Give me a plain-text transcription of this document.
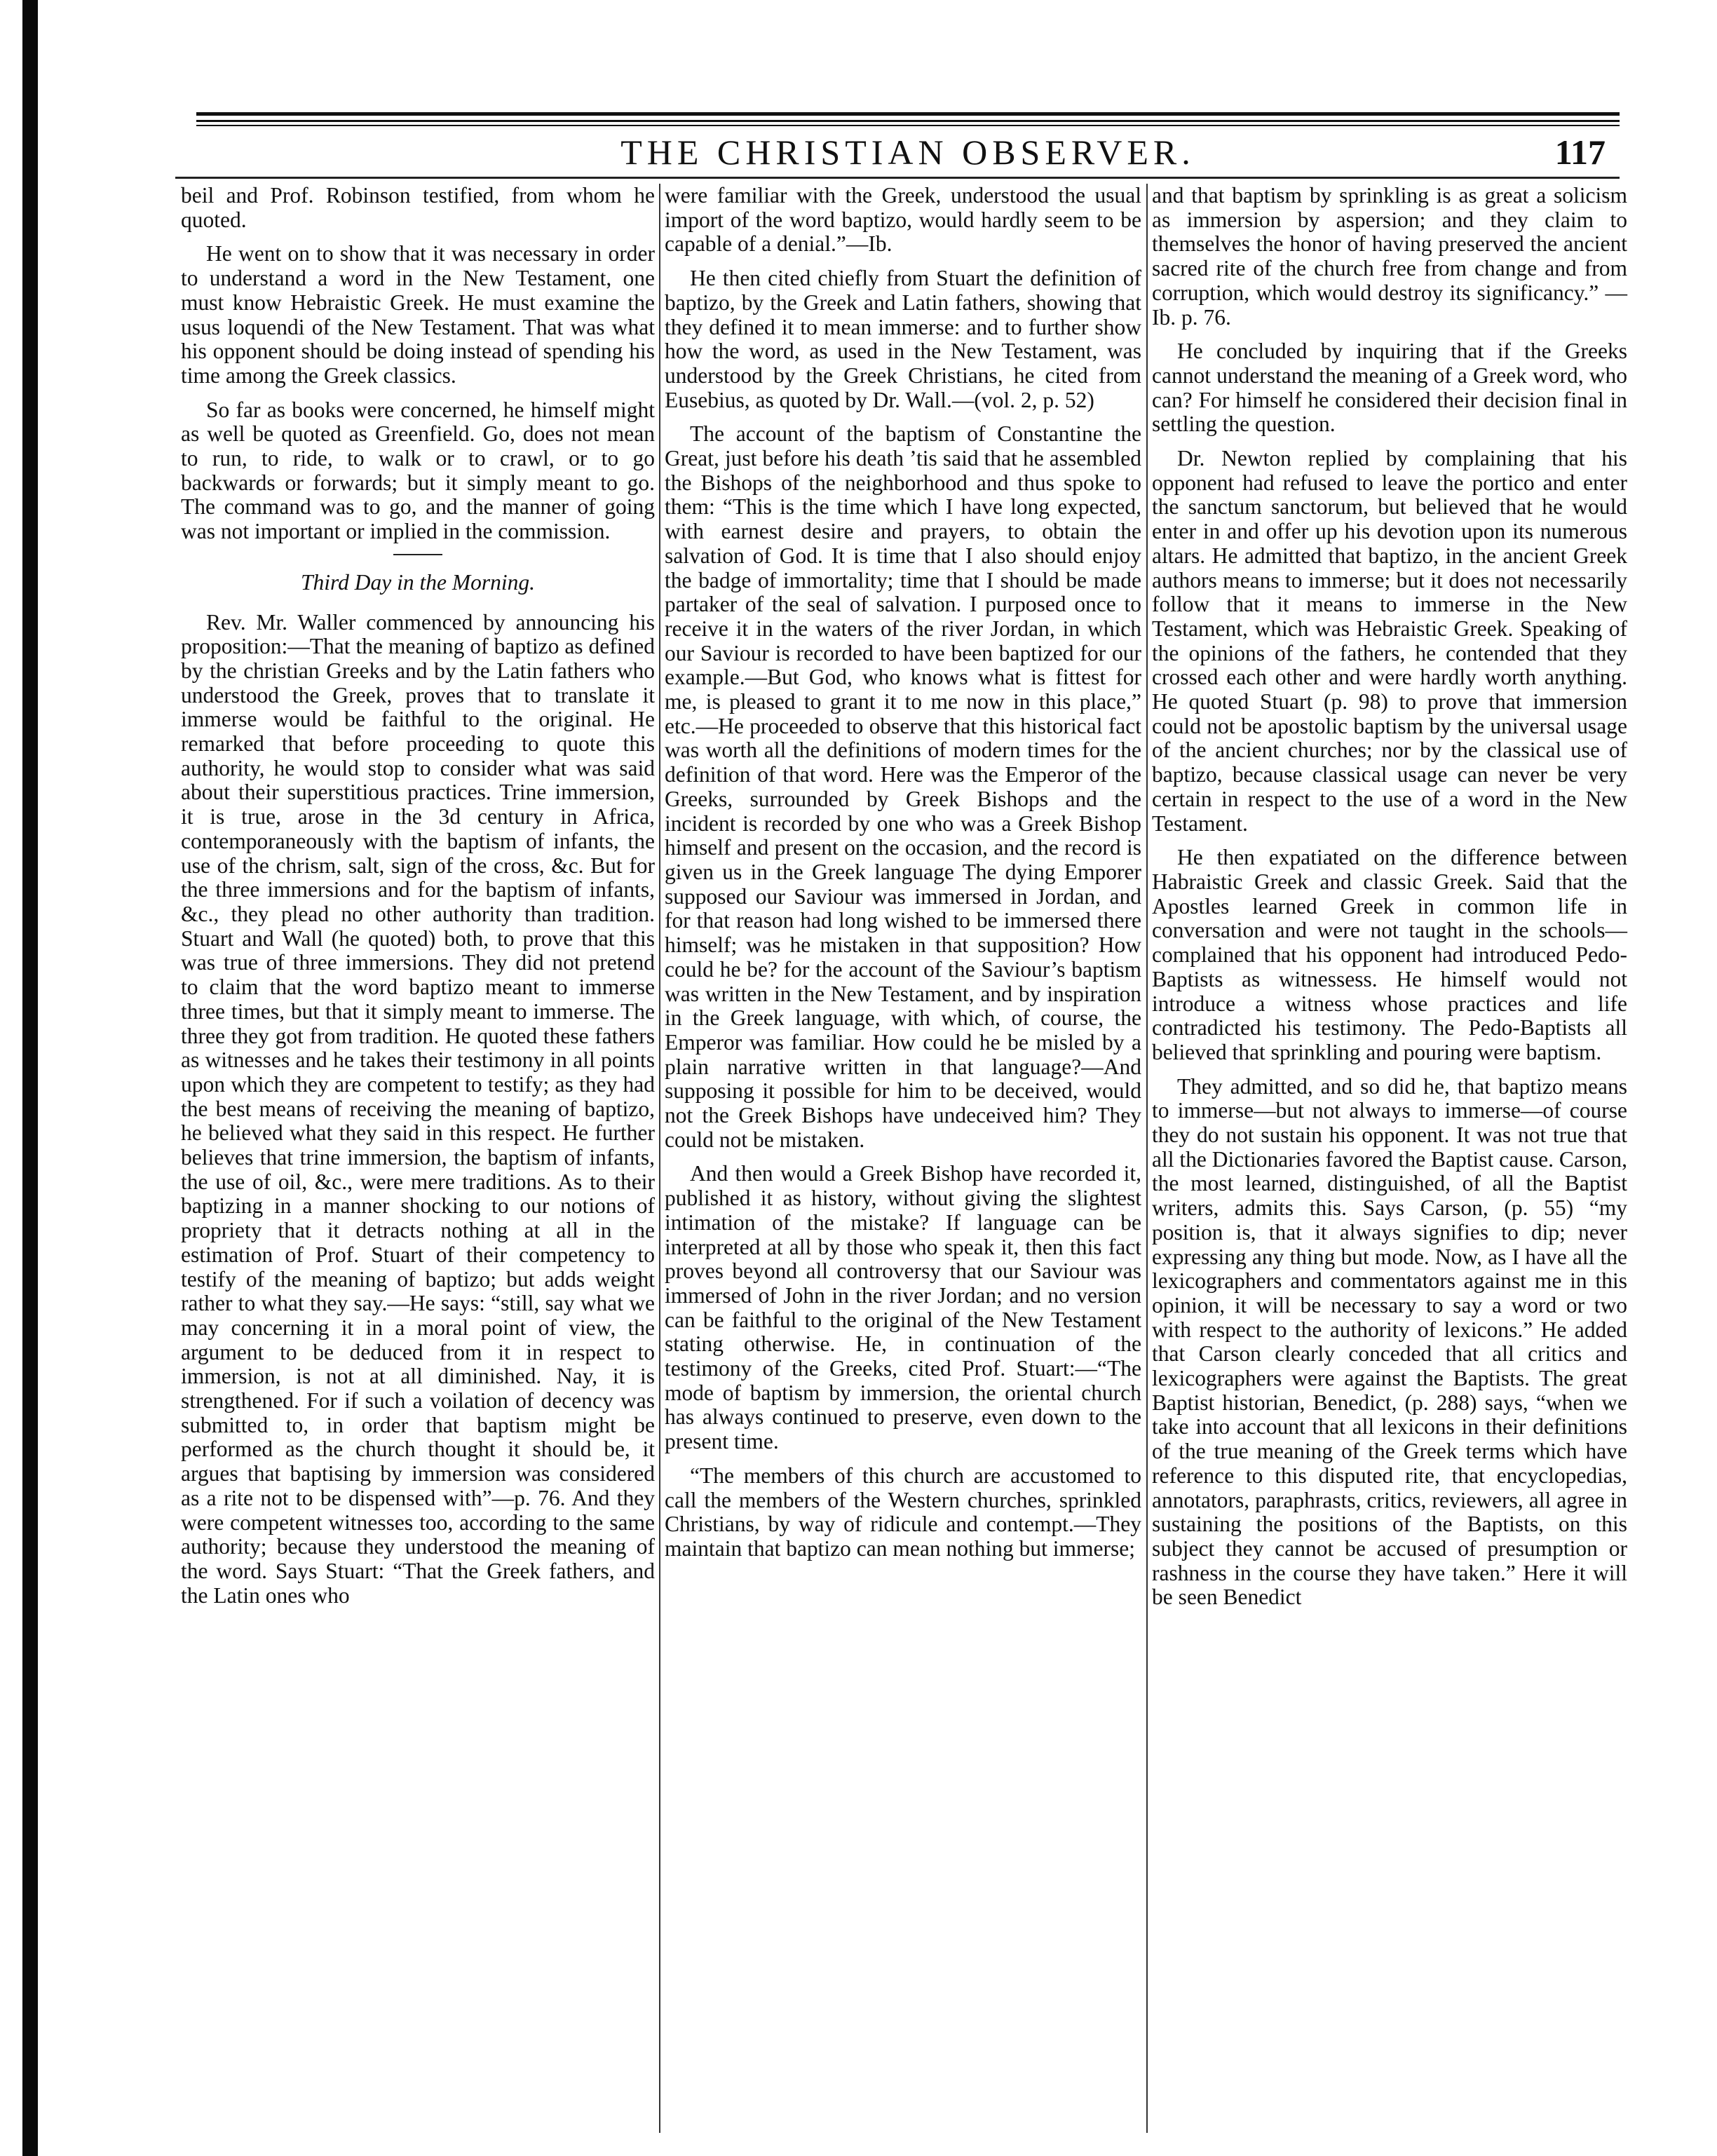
THE CHRISTIAN OBSERVER.	117

beil and Prof. Robinson testified, from whom he quoted.

He went on to show that it was necessary in order to understand a word in the New Testament, one must know Hebraistic Greek. He must examine the usus loquendi of the New Testament. That was what his opponent should be doing instead of spending his time among the Greek classics.

So far as books were concerned, he himself might as well be quoted as Greenfield. Go, does not mean to run, to ride, to walk or to crawl, or to go backwards or forwards; but it simply meant to go. The command was to go, and the manner of going was not important or implied in the commission.

Third Day in the Morning.

Rev. Mr. Waller commenced by announcing his proposition:—That the meaning of baptizo as defined by the christian Greeks and by the Latin fathers who understood the Greek, proves that to translate it immerse would be faithful to the original. He remarked that before proceeding to quote this authority, he would stop to consider what was said about their superstitious practices. Trine immersion, it is true, arose in the 3d century in Africa, contemporaneously with the baptism of infants, the use of the chrism, salt, sign of the cross, &c. But for the three immersions and for the baptism of infants, &c., they plead no other authority than tradition. Stuart and Wall (he quoted) both, to prove that this was true of three immersions. They did not pretend to claim that the word baptizo meant to immerse three times, but that it simply meant to immerse. The three they got from tradition. He quoted these fathers as witnesses and he takes their testimony in all points upon which they are competent to testify; as they had the best means of receiving the meaning of baptizo, he believed what they said in this respect. He further believes that trine immersion, the baptism of infants, the use of oil, &c., were mere traditions. As to their baptizing in a manner shocking to our notions of propriety that it detracts nothing at all in the estimation of Prof. Stuart of their competency to testify of the meaning of baptizo; but adds weight rather to what they say.—He says: “still, say what we may concerning it in a moral point of view, the argument to be deduced from it in respect to immersion, is not at all diminished. Nay, it is strengthened. For if such a voilation of decency was submitted to, in order that baptism might be performed as the church thought it should be, it argues that baptising by immersion was considered as a rite not to be dispensed with”—p. 76. And they were competent witnesses too, according to the same authority; because they understood the meaning of the word. Says Stuart: “That the Greek fathers, and the Latin ones who

were familiar with the Greek, understood the usual import of the word baptizo, would hardly seem to be capable of a denial.”—Ib.

He then cited chiefly from Stuart the definition of baptizo, by the Greek and Latin fathers, showing that they defined it to mean immerse: and to further show how the word, as used in the New Testament, was understood by the Greek Christians, he cited from Eusebius, as quoted by Dr. Wall.—(vol. 2, p. 52)

The account of the baptism of Constantine the Great, just before his death ’tis said that he assembled the Bishops of the neighborhood and thus spoke to them: “This is the time which I have long expected, with earnest desire and prayers, to obtain the salvation of God. It is time that I also should enjoy the badge of immortality; time that I should be made partaker of the seal of salvation. I purposed once to receive it in the waters of the river Jordan, in which our Saviour is recorded to have been baptized for our example.—But God, who knows what is fittest for me, is pleased to grant it to me now in this place,” etc.—He proceeded to observe that this historical fact was worth all the definitions of modern times for the definition of that word. Here was the Emperor of the Greeks, surrounded by Greek Bishops and the incident is recorded by one who was a Greek Bishop himself and present on the occasion, and the record is given us in the Greek language The dying Emporer supposed our Saviour was immersed in Jordan, and for that reason had long wished to be immersed there himself; was he mistaken in that supposition? How could he be? for the account of the Saviour’s baptism was written in the New Testament, and by inspiration in the Greek language, with which, of course, the Emperor was familiar. How could he be misled by a plain narrative written in that language?—And supposing it possible for him to be deceived, would not the Greek Bishops have undeceived him? They could not be mistaken.

And then would a Greek Bishop have recorded it, published it as history, without giving the slightest intimation of the mistake? If language can be interpreted at all by those who speak it, then this fact proves beyond all controversy that our Saviour was immersed of John in the river Jordan; and no version can be faithful to the original of the New Testament stating otherwise. He, in continuation of the testimony of the Greeks, cited Prof. Stuart:—“The mode of baptism by immersion, the oriental church has always continued to preserve, even down to the present time.

“The members of this church are accustomed to call the members of the Western churches, sprinkled Christians, by way of ridicule and contempt.—They maintain that baptizo can mean nothing but immerse;

and that baptism by sprinkling is as great a solicism as immersion by aspersion; and they claim to themselves the honor of having preserved the ancient sacred rite of the church free from change and from corruption, which would destroy its significancy.” —Ib. p. 76.

He concluded by inquiring that if the Greeks cannot understand the meaning of a Greek word, who can? For himself he considered their decision final in settling the question.

Dr. Newton replied by complaining that his opponent had refused to leave the portico and enter the sanctum sanctorum, but believed that he would enter in and offer up his devotion upon its numerous altars. He admitted that baptizo, in the ancient Greek authors means to immerse; but it does not necessarily follow that it means to immerse in the New Testament, which was Hebraistic Greek. Speaking of the opinions of the fathers, he contended that they crossed each other and were hardly worth anything. He quoted Stuart (p. 98) to prove that immersion could not be apostolic baptism by the universal usage of the ancient churches; nor by the classical use of baptizo, because classical usage can never be very certain in respect to the use of a word in the New Testament.

He then expatiated on the difference between Habraistic Greek and classic Greek. Said that the Apostles learned Greek in common life in conversation and were not taught in the schools—complained that his opponent had introduced Pedo-Baptists as witnessess. He himself would not introduce a witness whose practices and life contradicted his testimony. The Pedo-Baptists all believed that sprinkling and pouring were baptism.

They admitted, and so did he, that baptizo means to immerse—but not always to immerse—of course they do not sustain his opponent. It was not true that all the Dictionaries favored the Baptist cause. Carson, the most learned, distinguished, of all the Baptist writers, admits this. Says Carson, (p. 55) “my position is, that it always signifies to dip; never expressing any thing but mode. Now, as I have all the lexicographers and commentators against me in this opinion, it will be necessary to say a word or two with respect to the authority of lexicons.” He added that Carson clearly conceded that all critics and lexicographers were against the Baptists. The great Baptist historian, Benedict, (p. 288) says, “when we take into account that all lexicons in their definitions of the true meaning of the Greek terms which have reference to this disputed rite, that encyclopedias, annotators, paraphrasts, critics, reviewers, all agree in sustaining the positions of the Baptists, on this subject they cannot be accused of presumption or rashness in the course they have taken.” Here it will be seen Benedict
